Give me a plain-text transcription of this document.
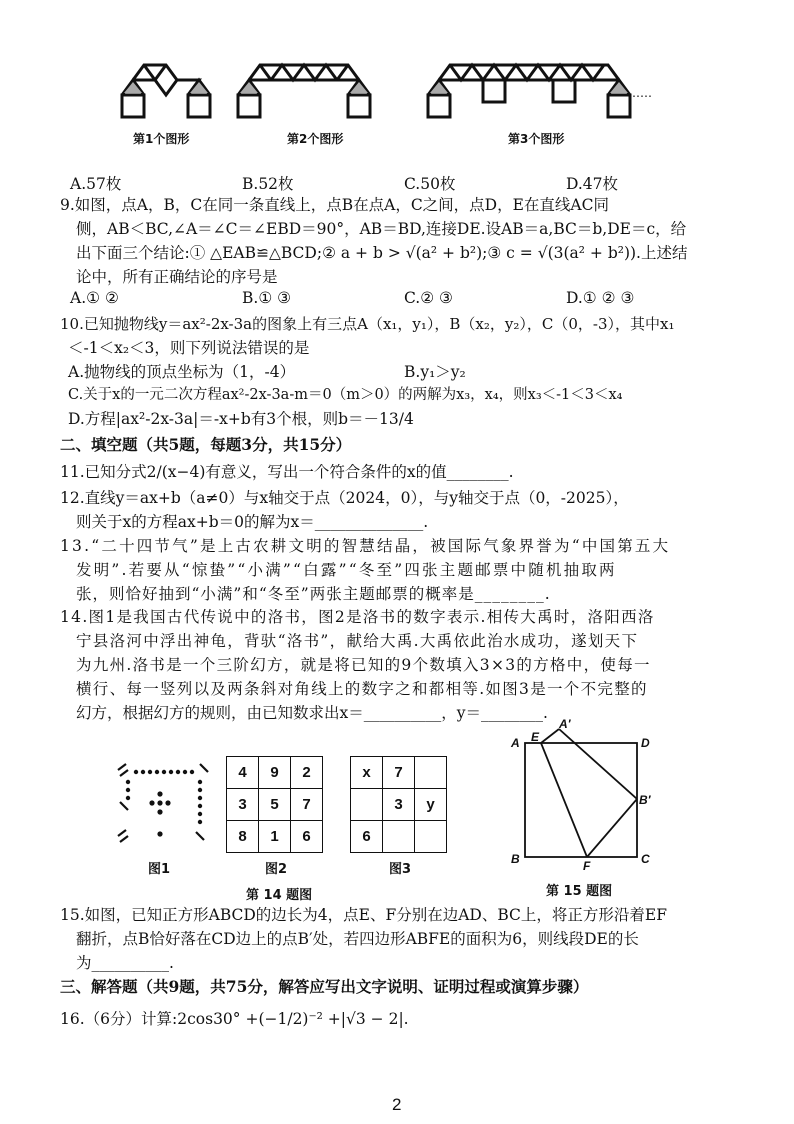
……
第1个图形	第2个图形	第3个图形
A.57枚	B.52枚	C.50枚	D.47枚
9.如图，点A，B，C在同一条直线上，点B在点A，C之间，点D，E在直线AC同
侧，AB＜BC,∠A＝∠C＝∠EBD＝90°，AB＝BD,连接DE.设AB＝a,BC＝b,DE＝c，给
出下面三个结论:① △EAB≌△BCD;② a + b > √(a² + b²);③ c = √(3(a² + b²)).上述结
论中，所有正确结论的序号是
A.① ②	B.① ③	C.② ③	D.① ② ③
10.已知抛物线y＝ax²-2x-3a的图象上有三点A（x₁，y₁），B（x₂，y₂），C（0，-3），其中x₁
＜-1＜x₂＜3，则下列说法错误的是
A.抛物线的顶点坐标为（1，-4）	B.y₁＞y₂
C.关于x的一元二次方程ax²-2x-3a-m＝0（m＞0）的两解为x₃，x₄，则x₃＜-1＜3＜x₄
D.方程|ax²-2x-3a|＝-x+b有3个根，则b＝－13/4
二、填空题（共5题，每题3分，共15分）
11.已知分式2/(x−4)有意义，写出一个符合条件的x的值________.
12.直线y＝ax+b（a≠0）与x轴交于点（2024，0），与y轴交于点（0，-2025），
则关于x的方程ax+b＝0的解为x＝______________.
13.“二十四节气”是上古农耕文明的智慧结晶，被国际气象界誉为“中国第五大
发明”.若要从“惊蛰”“小满”“白露”“冬至”四张主题邮票中随机抽取两
张，则恰好抽到“小满”和“冬至”两张主题邮票的概率是________.
14.图1是我国古代传说中的洛书，图2是洛书的数字表示.相传大禹时，洛阳西洛
宁县洛河中浮出神龟，背驮“洛书”，献给大禹.大禹依此治水成功，遂划天下
为九州.洛书是一个三阶幻方，就是将已知的9个数填入3×3的方格中，使每一
横行、每一竖列以及两条斜对角线上的数字之和都相等.如图3是一个不完整的
幻方，根据幻方的规则，由已知数求出x＝__________，y＝________.
4	9	2
3	5	7
8	1	6
x	7	
	3	y
6		
图1	图2	图3
第 14 题图
A E
A′
D
B′
B	F	C
第 15 题图
15.如图，已知正方形ABCD的边长为4，点E、F分别在边AD、BC上，将正方形沿着EF
翻折，点B恰好落在CD边上的点B′处，若四边形ABFE的面积为6，则线段DE的长
为__________.
三、解答题（共9题，共75分，解答应写出文字说明、证明过程或演算步骤）
16.（6分）计算:2cos30° +(−1/2)⁻² +|√3 − 2|.
2
